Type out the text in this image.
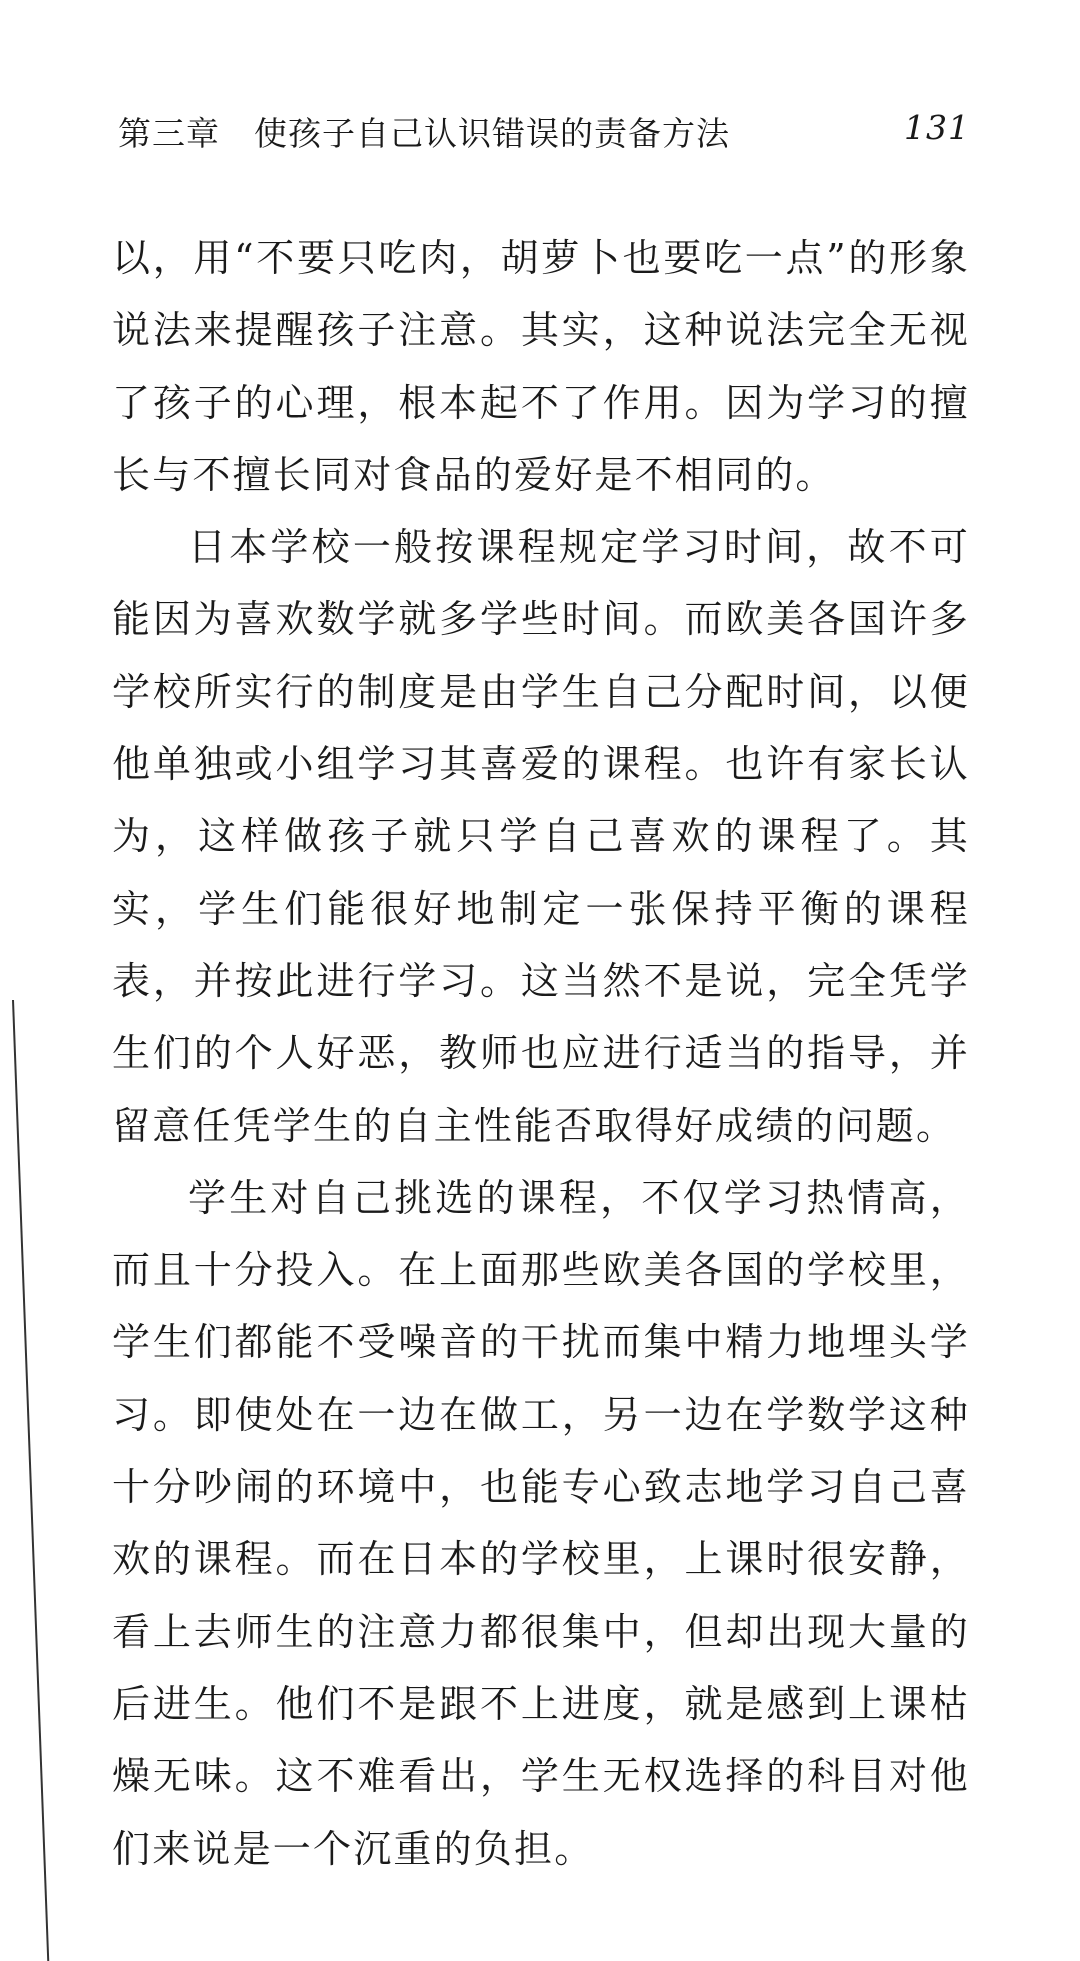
第三章　使孩子自己认识错误的责备方法	131

以，用“不要只吃肉，胡萝卜也要吃一点”的形象说法来提醒孩子注意。其实，这种说法完全无视了孩子的心理，根本起不了作用。因为学习的擅长与不擅长同对食品的爱好是不相同的。

日本学校一般按课程规定学习时间，故不可能因为喜欢数学就多学些时间。而欧美各国许多学校所实行的制度是由学生自己分配时间，以便他单独或小组学习其喜爱的课程。也许有家长认为，这样做孩子就只学自己喜欢的课程了。其实，学生们能很好地制定一张保持平衡的课程表，并按此进行学习。这当然不是说，完全凭学生们的个人好恶，教师也应进行适当的指导，并留意任凭学生的自主性能否取得好成绩的问题。

学生对自己挑选的课程，不仅学习热情高，而且十分投入。在上面那些欧美各国的学校里，学生们都能不受噪音的干扰而集中精力地埋头学习。即使处在一边在做工，另一边在学数学这种十分吵闹的环境中，也能专心致志地学习自己喜欢的课程。而在日本的学校里，上课时很安静，看上去师生的注意力都很集中，但却出现大量的后进生。他们不是跟不上进度，就是感到上课枯燥无味。这不难看出，学生无权选择的科目对他们来说是一个沉重的负担。
